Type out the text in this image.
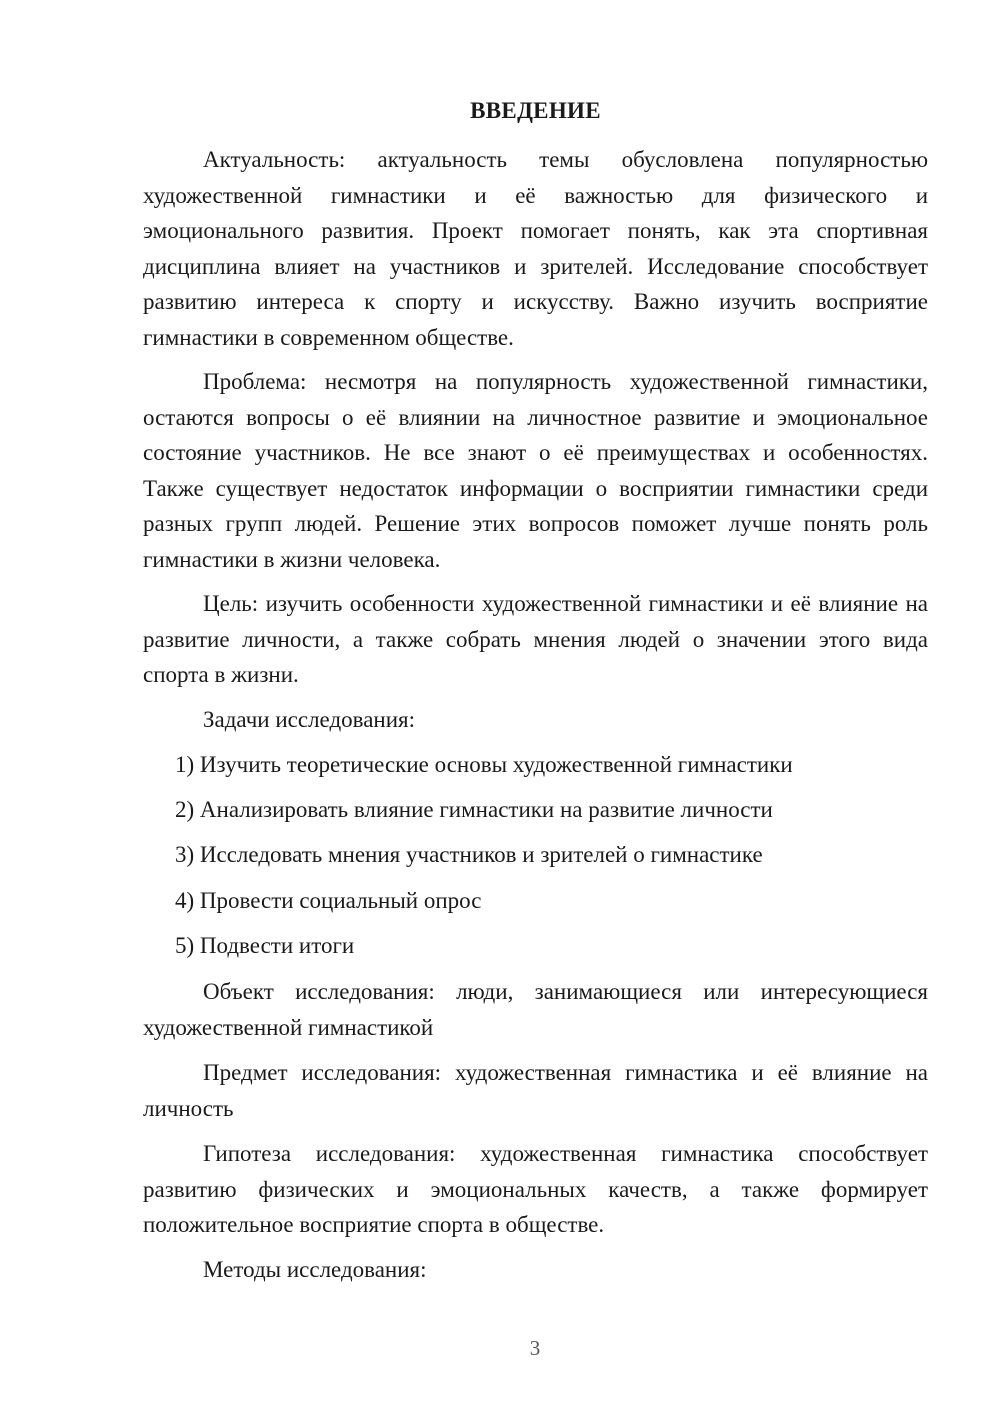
ВВЕДЕНИЕ

Актуальность: актуальность темы обусловлена популярностью художественной гимнастики и её важностью для физического и эмоционального развития. Проект помогает понять, как эта спортивная дисциплина влияет на участников и зрителей. Исследование способствует развитию интереса к спорту и искусству. Важно изучить восприятие гимнастики в современном обществе.

Проблема: несмотря на популярность художественной гимнастики, остаются вопросы о её влиянии на личностное развитие и эмоциональное состояние участников. Не все знают о её преимуществах и особенностях. Также существует недостаток информации о восприятии гимнастики среди разных групп людей. Решение этих вопросов поможет лучше понять роль гимнастики в жизни человека.

Цель: изучить особенности художественной гимнастики и её влияние на развитие личности, а также собрать мнения людей о значении этого вида спорта в жизни.

Задачи исследования:

1) Изучить теоретические основы художественной гимнастики

2) Анализировать влияние гимнастики на развитие личности

3) Исследовать мнения участников и зрителей о гимнастике

4) Провести социальный опрос

5) Подвести итоги

Объект исследования: люди, занимающиеся или интересующиеся художественной гимнастикой

Предмет исследования: художественная гимнастика и её влияние на личность

Гипотеза исследования: художественная гимнастика способствует развитию физических и эмоциональных качеств, а также формирует положительное восприятие спорта в обществе.

Методы исследования:

3
